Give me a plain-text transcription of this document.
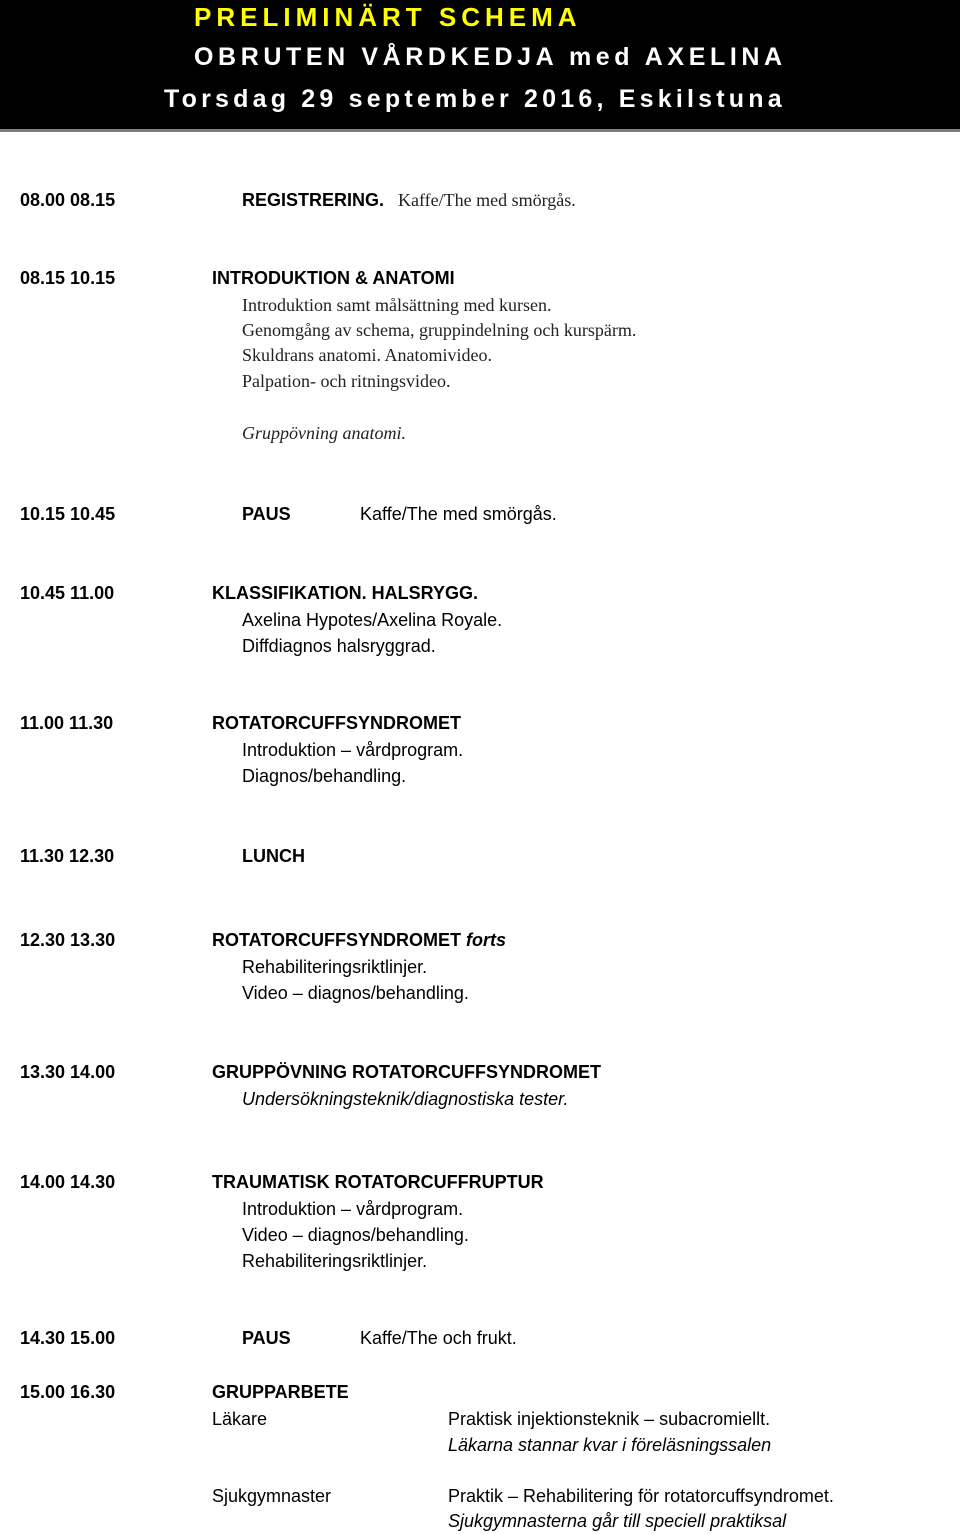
PRELIMINÄRT SCHEMA
OBRUTEN VÅRDKEDJA med AXELINA
Torsdag 29 september 2016, Eskilstuna
08.00 08.15	REGISTRERING. Kaffe/The med smörgås.
08.15 10.15	INTRODUKTION & ANATOMI
Introduktion samt målsättning med kursen.
Genomgång av schema, gruppindelning och kurspärm.
Skuldrans anatomi. Anatomivideo.
Palpation- och ritningsvideo.
Gruppövning anatomi.
10.15 10.45	PAUS	Kaffe/The med smörgås.
10.45 11.00	KLASSIFIKATION. HALSRYGG.
Axelina Hypotes/Axelina Royale.
Diffdiagnos halsryggrad.
11.00 11.30	ROTATORCUFFSYNDROMET
Introduktion – vårdprogram.
Diagnos/behandling.
11.30 12.30	LUNCH
12.30 13.30	ROTATORCUFFSYNDROMET forts
Rehabiliteringsriktlinjer.
Video – diagnos/behandling.
13.30 14.00	GRUPPÖVNING ROTATORCUFFSYNDROMET
Undersökningsteknik/diagnostiska tester.
14.00 14.30	TRAUMATISK ROTATORCUFFRUPTUR
Introduktion – vårdprogram.
Video – diagnos/behandling.
Rehabiliteringsriktlinjer.
14.30 15.00	PAUS	Kaffe/The och frukt.
15.00 16.30	GRUPPARBETE
Läkare	Praktisk injektionsteknik – subacromiellt.
Läkarna stannar kvar i föreläsningssalen
Sjukgymnaster	Praktik – Rehabilitering för rotatorcuffsyndromet.
Sjukgymnasterna går till speciell praktiksal
